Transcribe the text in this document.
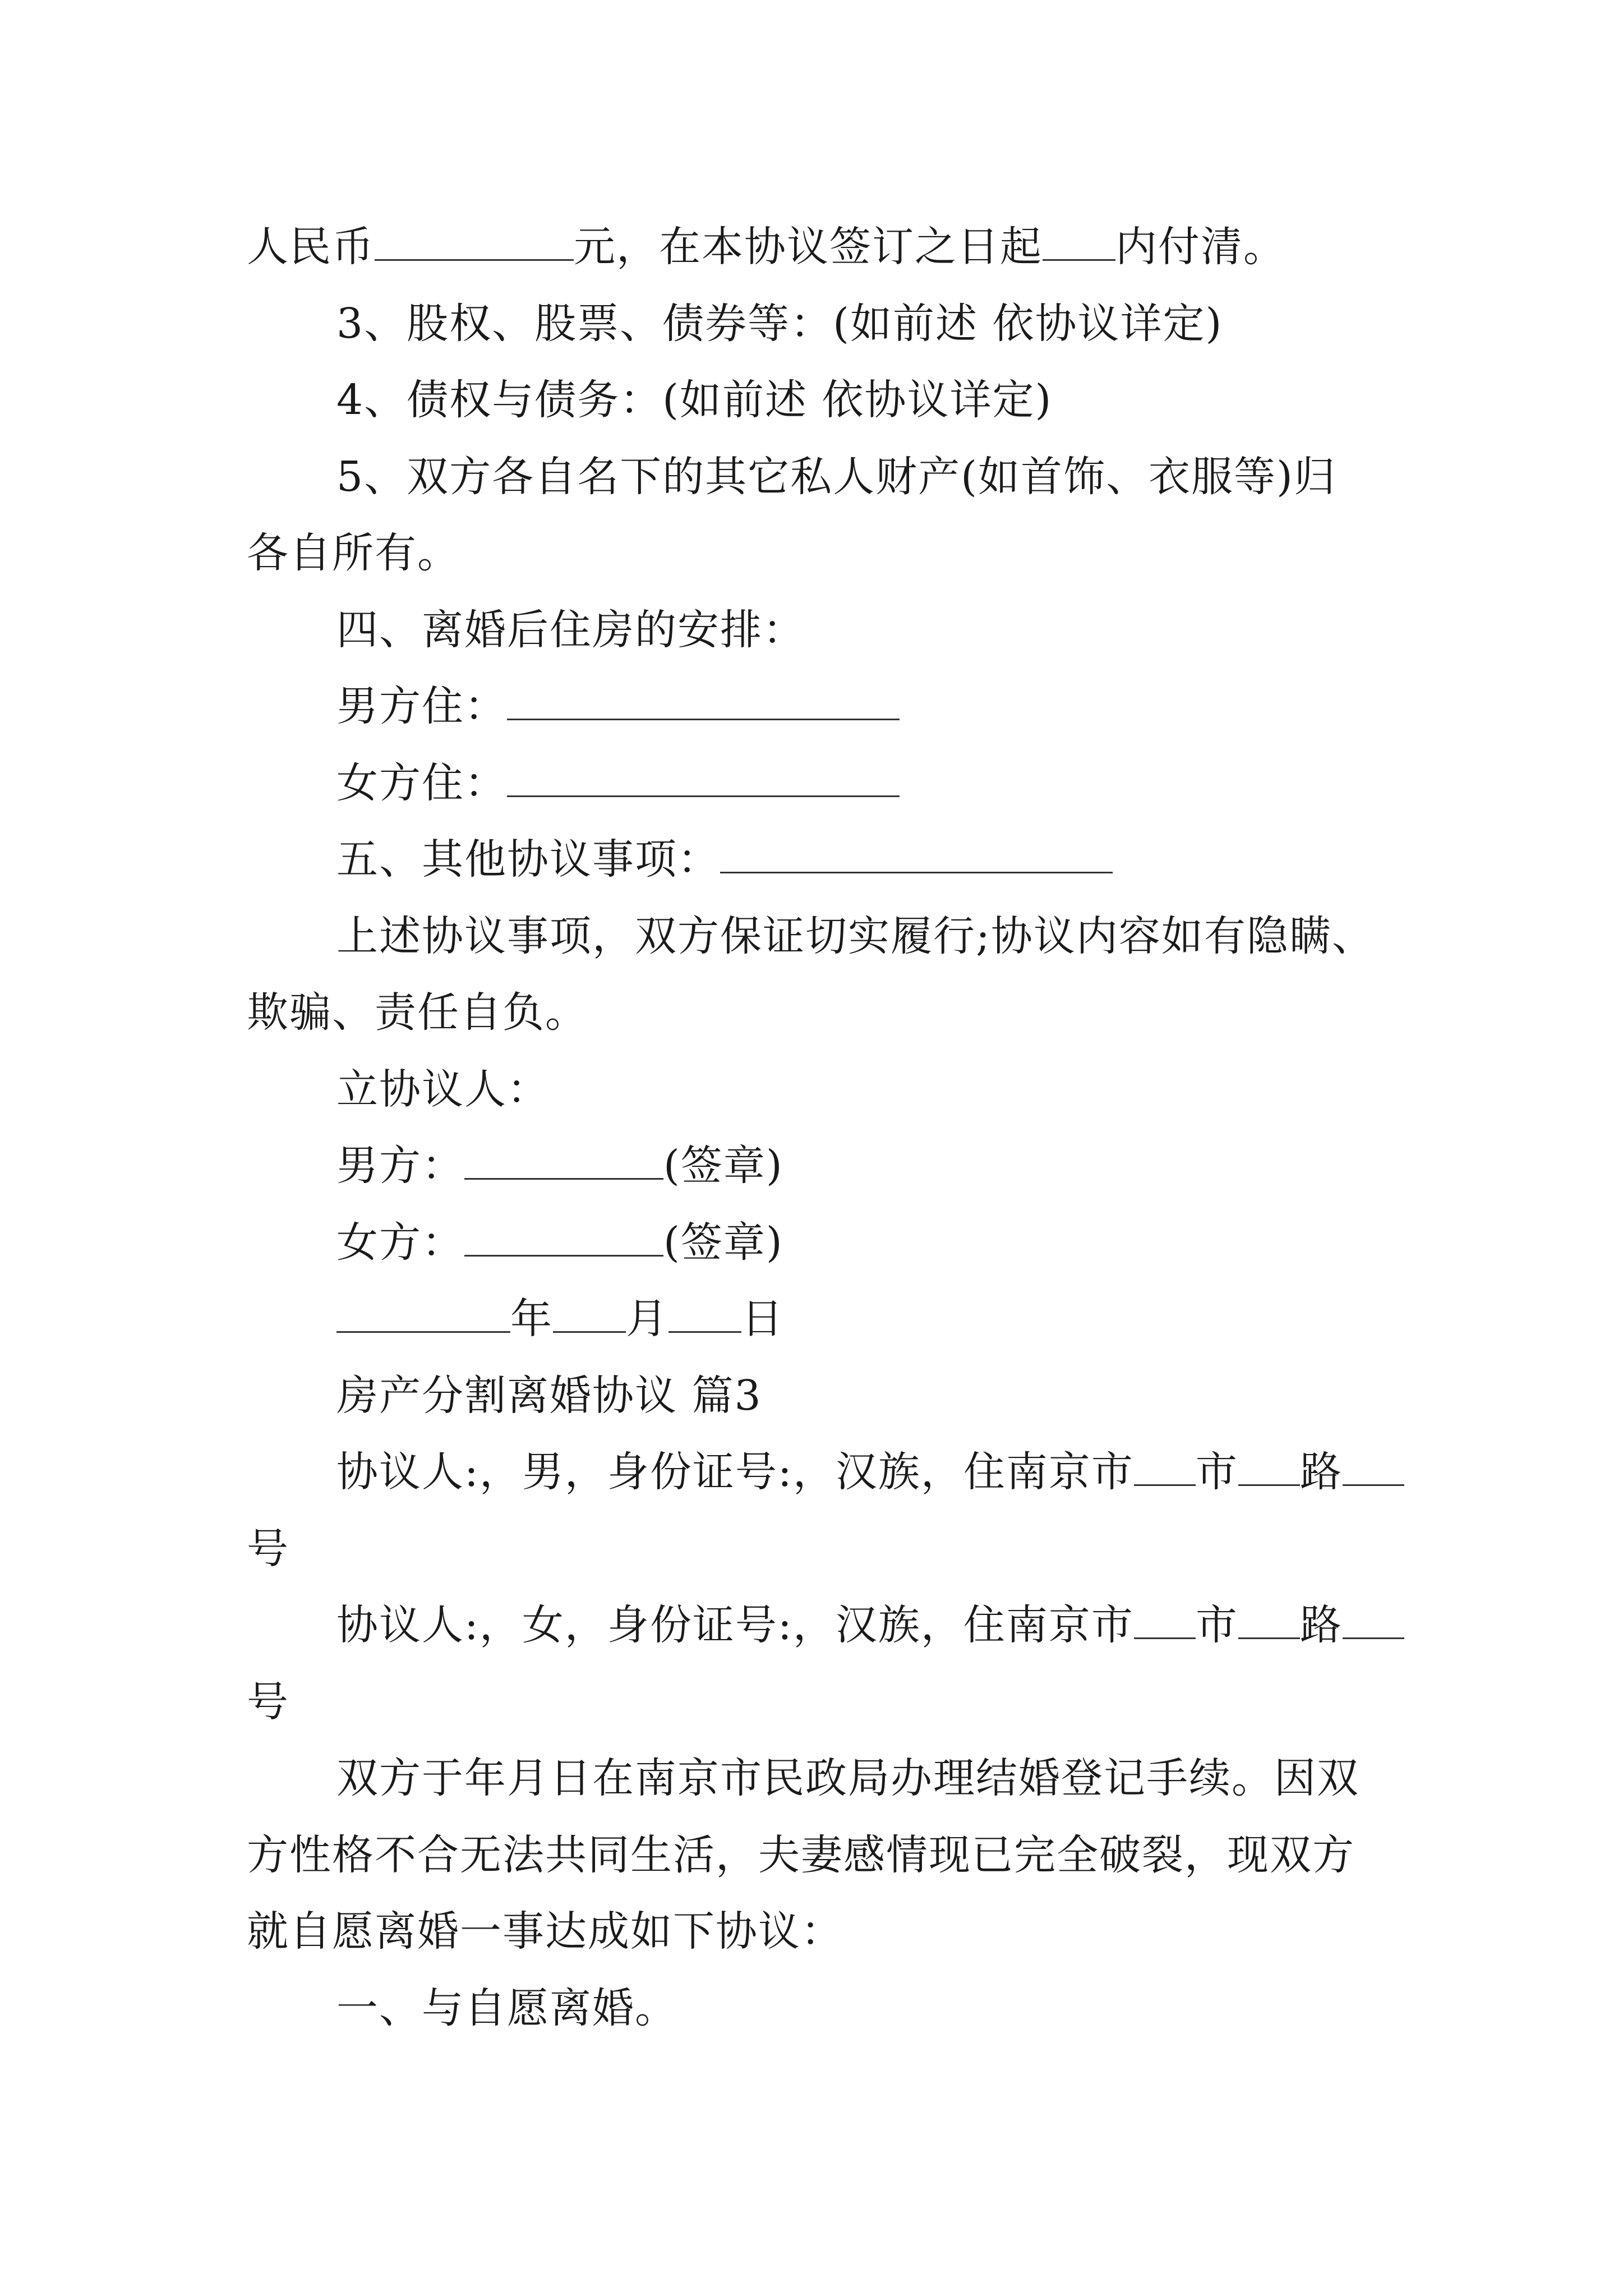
人民币	元，在本协议签订之日起 内付清。
3、股权、股票、债券等：(如前述 依协议详定)
4、债权与债务：(如前述 依协议详定)
5、双方各自名下的其它私人财产(如首饰、衣服等)归
各自所有。
四、离婚后住房的安排：
男方住：
女方住：
五、其他协议事项：
上述协议事项，双方保证切实履行;协议内容如有隐瞒、
欺骗、责任自负。
立协议人：
男方：	(签章)
女方：	(签章)
年 月 日
房产分割离婚协议 篇3
协议人:，男，身份证号:，汉族，住南京市 市 路
号
协议人:，女，身份证号:，汉族，住南京市 市 路
号
双方于年月日在南京市民政局办理结婚登记手续。因双
方性格不合无法共同生活，夫妻感情现已完全破裂，现双方
就自愿离婚一事达成如下协议：
一、与自愿离婚。
